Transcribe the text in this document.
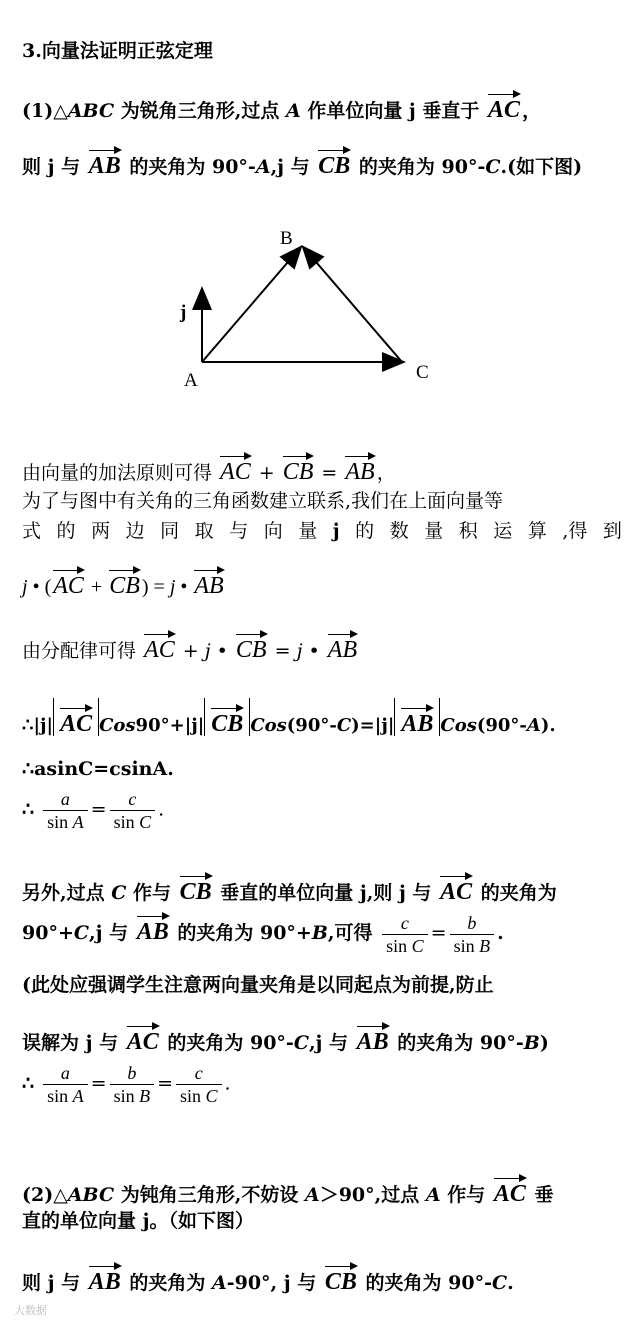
3.向量法证明正弦定理
(1)△ABC 为锐角三角形,过点 A 作单位向量 j 垂直于 AC ，
则 j 与 AB 的夹角为 90°-A,j 与 CB 的夹角为 90°-C.(如下图)
B
A	C
j
由向量的加法原则可得 AC + CB = AB ，
为了与图中有关角的三角函数建立联系,我们在上面向量等
式 的 两 边 同 取 与 向 量 j 的 数 量 积 运 算 ,得 到
j • (AC + CB ) = j • AB
由分配律可得 AC + j • CB = j • AB
∴|j| AC Cos90°+|j| CB Cos(90°-C)=|j| AB Cos(90°-A).
∴asinC=csinA.
∴ $\frac{a}{\text{sin A}} = \frac{c}{\text{sin C}}$ .
另外,过点 C 作与 CB 垂直的单位向量 j,则 j 与 AC 的夹角为
90°+C,j 与 AB 的夹角为 90°+B,可得 $\frac{c}{\text{sin C}} = \frac{b}{\text{sin B}}$ .
(此处应强调学生注意两向量夹角是以同起点为前提,防止
误解为 j 与 AC 的夹角为 90°-C,j 与 AB 的夹角为 90°-B)
∴ $\frac{a}{\text{sin A}} = \frac{b}{\text{sin B}} = \frac{c}{\text{sin C}}$ .
(2)△ABC 为钝角三角形,不妨设 A＞90°,过点 A 作与 AC 垂
直的单位向量 j。（如下图）
则 j 与 AB 的夹角为 A-90°, j 与 CB 的夹角为 90°-C.
大数据
